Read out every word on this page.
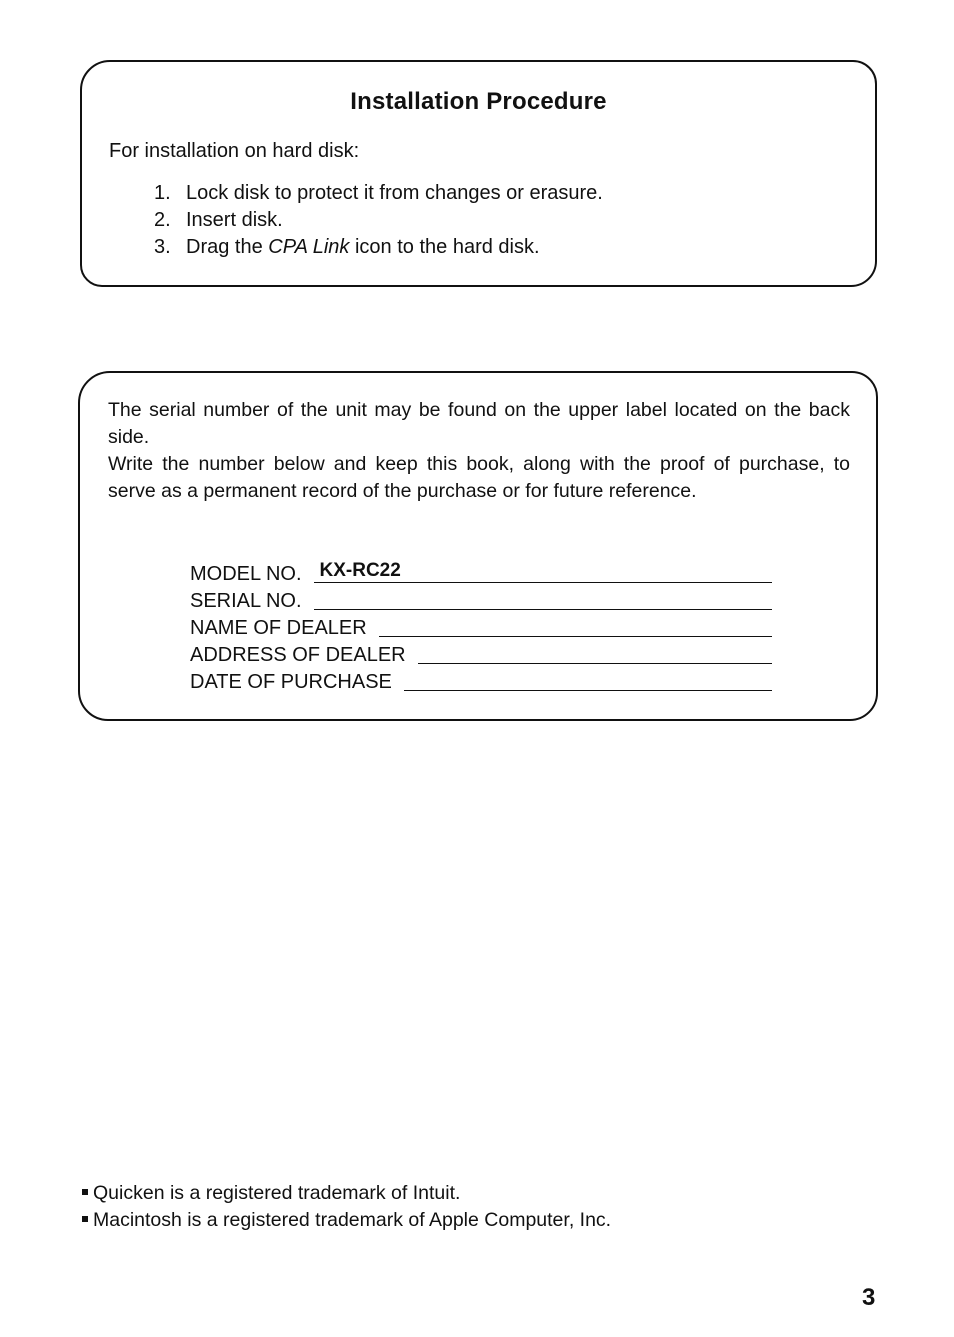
Installation Procedure
For installation on hard disk:
1. Lock disk to protect it from changes or erasure.
2. Insert disk.
3. Drag the CPA Link icon to the hard disk.

The serial number of the unit may be found on the upper label located on the back side.

Write the number below and keep this book, along with the proof of purchase, to serve as a permanent record of the purchase or for future reference.

MODEL NO. KX-RC22
SERIAL NO.
NAME OF DEALER
ADDRESS OF DEALER
DATE OF PURCHASE
Quicken is a registered trademark of Intuit.
Macintosh is a registered trademark of Apple Computer, Inc.
3
